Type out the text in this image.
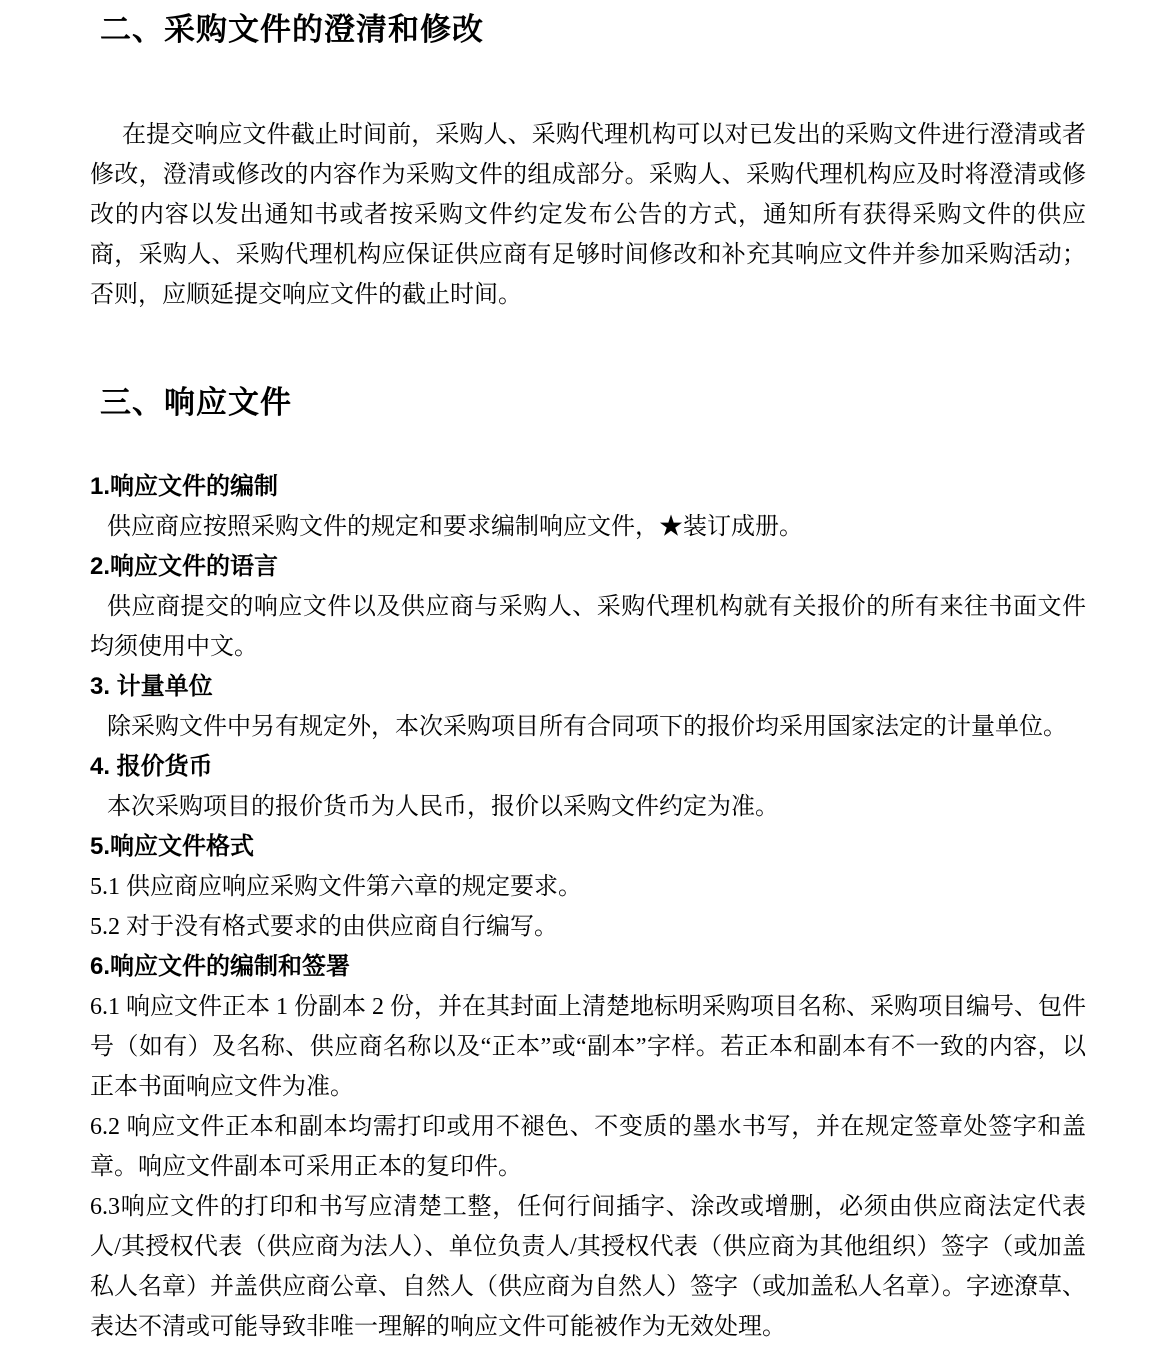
二、采购文件的澄清和修改

在提交响应文件截止时间前，采购人、采购代理机构可以对已发出的采购文件进行澄清或者修改，澄清或修改的内容作为采购文件的组成部分。采购人、采购代理机构应及时将澄清或修改的内容以发出通知书或者按采购文件约定发布公告的方式，通知所有获得采购文件的供应商，采购人、采购代理机构应保证供应商有足够时间修改和补充其响应文件并参加采购活动；否则，应顺延提交响应文件的截止时间。

三、响应文件

1.响应文件的编制

供应商应按照采购文件的规定和要求编制响应文件，★装订成册。

2.响应文件的语言

供应商提交的响应文件以及供应商与采购人、采购代理机构就有关报价的所有来往书面文件均须使用中文。

3. 计量单位

除采购文件中另有规定外，本次采购项目所有合同项下的报价均采用国家法定的计量单位。

4. 报价货币

本次采购项目的报价货币为人民币，报价以采购文件约定为准。

5.响应文件格式

5.1 供应商应响应采购文件第六章的规定要求。

5.2 对于没有格式要求的由供应商自行编写。

6.响应文件的编制和签署

6.1 响应文件正本 1 份副本 2 份，并在其封面上清楚地标明采购项目名称、采购项目编号、包件号（如有）及名称、供应商名称以及“正本”或“副本”字样。若正本和副本有不一致的内容，以正本书面响应文件为准。

6.2 响应文件正本和副本均需打印或用不褪色、不变质的墨水书写，并在规定签章处签字和盖章。响应文件副本可采用正本的复印件。

6.3响应文件的打印和书写应清楚工整，任何行间插字、涂改或增删，必须由供应商法定代表人/其授权代表（供应商为法人）、单位负责人/其授权代表（供应商为其他组织）签字（或加盖私人名章）并盖供应商公章、自然人（供应商为自然人）签字（或加盖私人名章）。字迹潦草、表达不清或可能导致非唯一理解的响应文件可能被作为无效处理。
